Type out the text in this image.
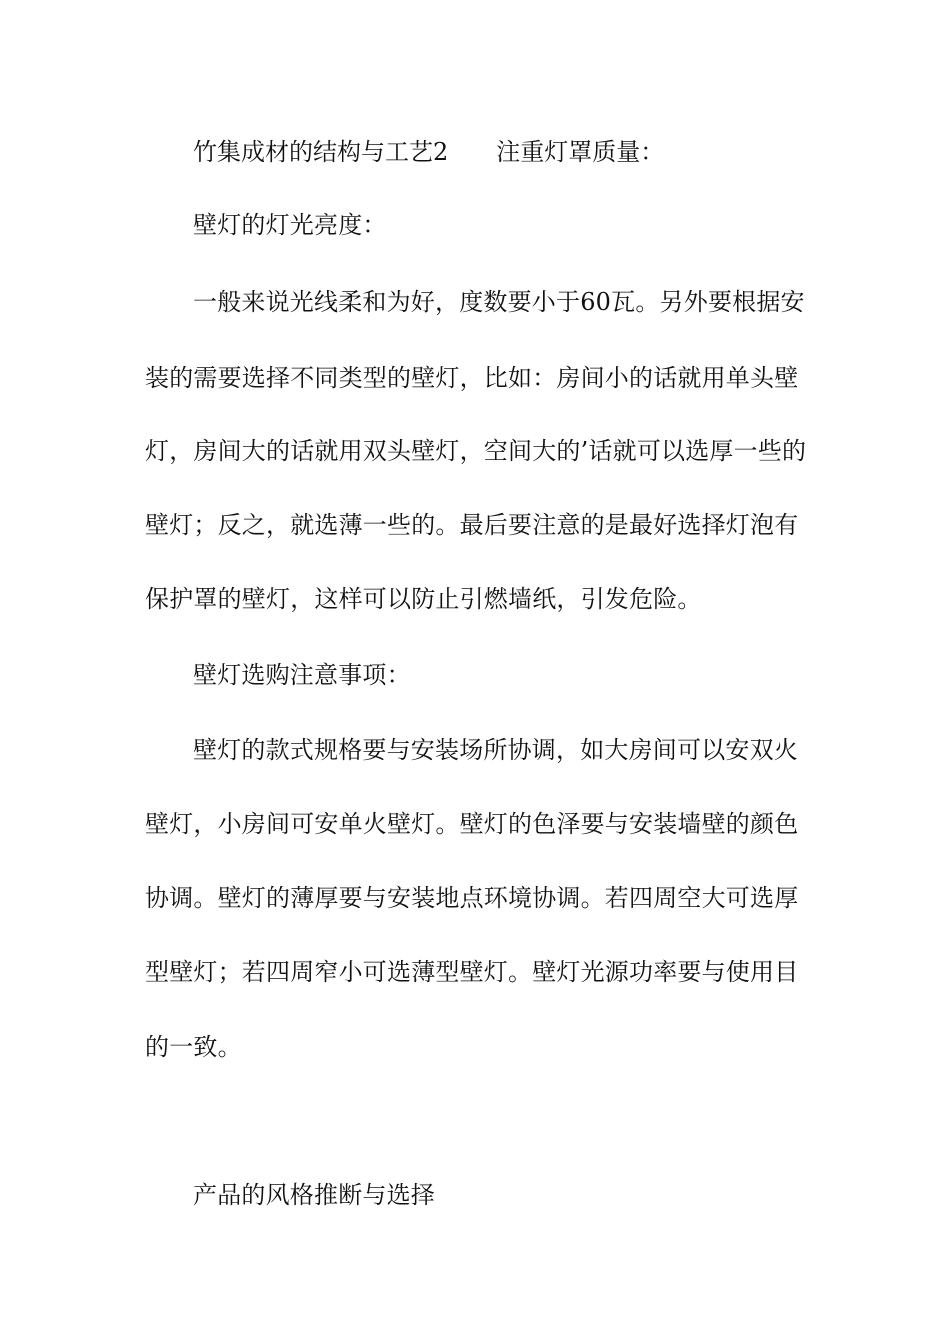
竹集成材的结构与工艺2 注重灯罩质量：
壁灯的灯光亮度：
一般来说光线柔和为好，度数要小于60瓦。另外要根据安
装的需要选择不同类型的壁灯，比如：房间小的话就用单头壁
灯，房间大的话就用双头壁灯，空间大的’话就可以选厚一些的
壁灯；反之，就选薄一些的。最后要注意的是最好选择灯泡有
保护罩的壁灯，这样可以防止引燃墙纸，引发危险。
壁灯选购注意事项：
壁灯的款式规格要与安装场所协调，如大房间可以安双火
壁灯，小房间可安单火壁灯。壁灯的色泽要与安装墙壁的颜色
协调。壁灯的薄厚要与安装地点环境协调。若四周空大可选厚
型壁灯；若四周窄小可选薄型壁灯。壁灯光源功率要与使用目
的一致。
产品的风格推断与选择
